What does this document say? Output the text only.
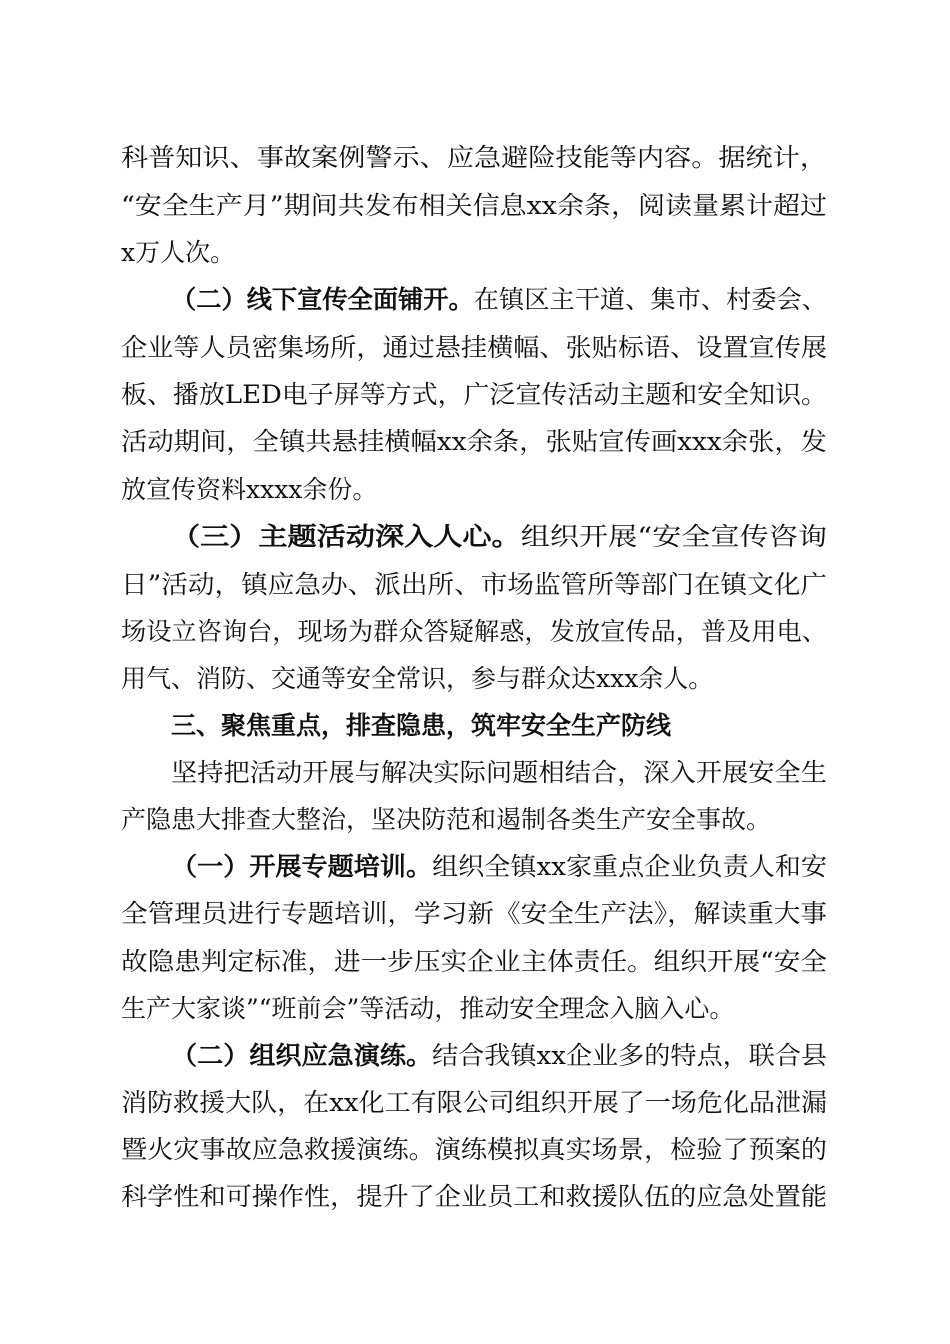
科普知识、事故案例警示、应急避险技能等内容。据统计，
“安全生产月”期间共发布相关信息xx余条，阅读量累计超过
x万人次。
（二）线下宣传全面铺开。在镇区主干道、集市、村委会、
企业等人员密集场所，通过悬挂横幅、张贴标语、设置宣传展
板、播放LED电子屏等方式，广泛宣传活动主题和安全知识。
活动期间，全镇共悬挂横幅xx余条，张贴宣传画xxx余张，发
放宣传资料xxxx余份。
（三）主题活动深入人心。组织开展“安全宣传咨询
日”活动，镇应急办、派出所、市场监管所等部门在镇文化广
场设立咨询台，现场为群众答疑解惑，发放宣传品，普及用电、
用气、消防、交通等安全常识，参与群众达xxx余人。
三、聚焦重点，排查隐患，筑牢安全生产防线
坚持把活动开展与解决实际问题相结合，深入开展安全生
产隐患大排查大整治，坚决防范和遏制各类生产安全事故。
（一）开展专题培训。组织全镇xx家重点企业负责人和安
全管理员进行专题培训，学习新《安全生产法》，解读重大事
故隐患判定标准，进一步压实企业主体责任。组织开展“安全
生产大家谈”“班前会”等活动，推动安全理念入脑入心。
（二）组织应急演练。结合我镇xx企业多的特点，联合县
消防救援大队，在xx化工有限公司组织开展了一场危化品泄漏
暨火灾事故应急救援演练。演练模拟真实场景，检验了预案的
科学性和可操作性，提升了企业员工和救援队伍的应急处置能
